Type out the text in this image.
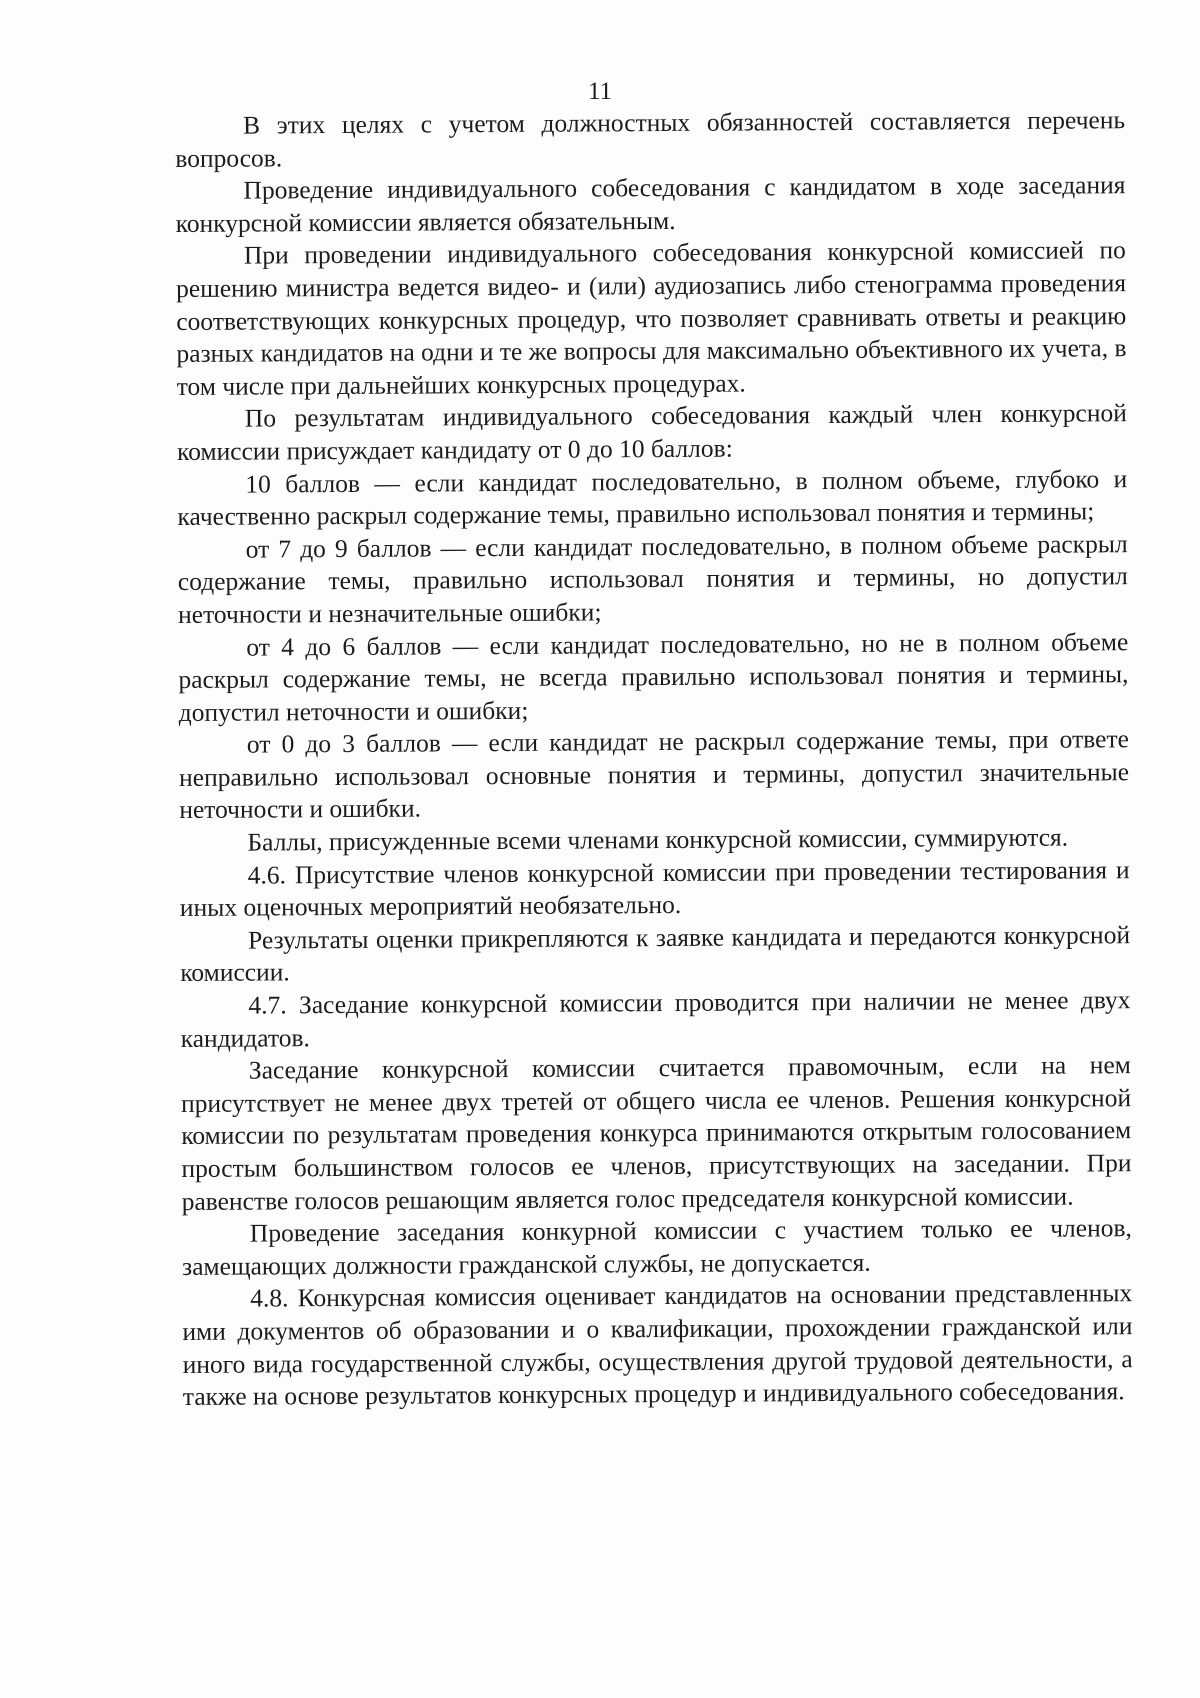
11

В этих целях с учетом должностных обязанностей составляется перечень вопросов.

Проведение индивидуального собеседования с кандидатом в ходе заседания конкурсной комиссии является обязательным.

При проведении индивидуального собеседования конкурсной комиссией по решению министра ведется видео- и (или) аудиозапись либо стенограмма проведения соответствующих конкурсных процедур, что позволяет сравнивать ответы и реакцию разных кандидатов на одни и те же вопросы для максимально объективного их учета, в том числе при дальнейших конкурсных процедурах.

По результатам индивидуального собеседования каждый член конкурсной комиссии присуждает кандидату от 0 до 10 баллов:

10 баллов — если кандидат последовательно, в полном объеме, глубоко и качественно раскрыл содержание темы, правильно использовал понятия и термины;

от 7 до 9 баллов — если кандидат последовательно, в полном объеме раскрыл содержание темы, правильно использовал понятия и термины, но допустил неточности и незначительные ошибки;

от 4 до 6 баллов — если кандидат последовательно, но не в полном объеме раскрыл содержание темы, не всегда правильно использовал понятия и термины, допустил неточности и ошибки;

от 0 до 3 баллов — если кандидат не раскрыл содержание темы, при ответе неправильно использовал основные понятия и термины, допустил значительные неточности и ошибки.

Баллы, присужденные всеми членами конкурсной комиссии, суммируются.

4.6. Присутствие членов конкурсной комиссии при проведении тестирования и иных оценочных мероприятий необязательно.

Результаты оценки прикрепляются к заявке кандидата и передаются конкурсной комиссии.

4.7. Заседание конкурсной комиссии проводится при наличии не менее двух кандидатов.

Заседание конкурсной комиссии считается правомочным, если на нем присутствует не менее двух третей от общего числа ее членов. Решения конкурсной комиссии по результатам проведения конкурса принимаются открытым голосованием простым большинством голосов ее членов, присутствующих на заседании. При равенстве голосов решающим является голос председателя конкурсной комиссии.

Проведение заседания конкурной комиссии с участием только ее членов, замещающих должности гражданской службы, не допускается.

4.8. Конкурсная комиссия оценивает кандидатов на основании представленных ими документов об образовании и о квалификации, прохождении гражданской или иного вида государственной службы, осуществления другой трудовой деятельности, а также на основе результатов конкурсных процедур и индивидуального собеседования.
